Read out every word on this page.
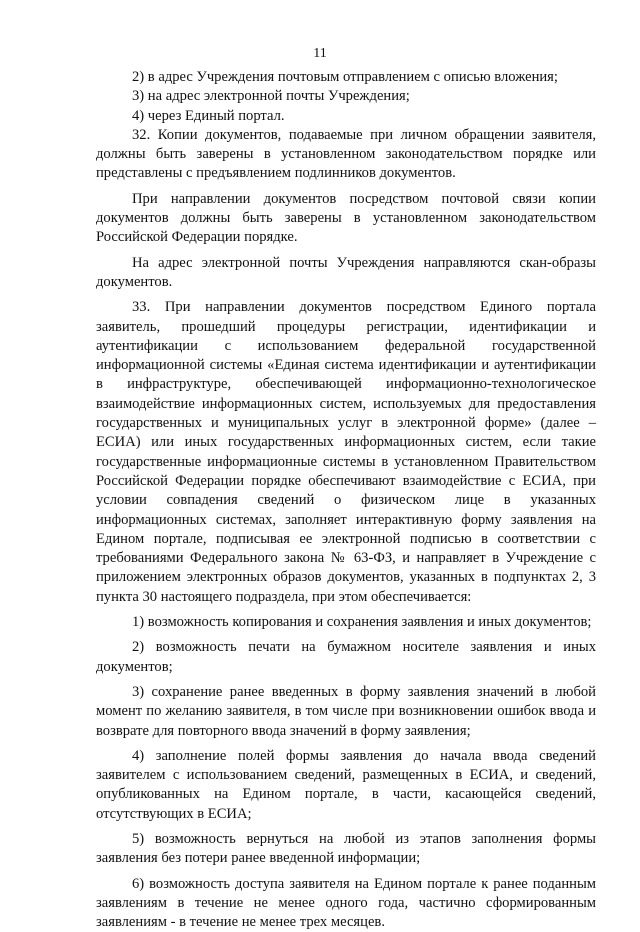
11

2) в адрес Учреждения почтовым отправлением с описью вложения;

3) на адрес электронной почты Учреждения;

4) через Единый портал.

32. Копии документов, подаваемые при личном обращении заявителя, должны быть заверены в установленном законодательством порядке или представлены с предъявлением подлинников документов.

При направлении документов посредством почтовой связи копии документов должны быть заверены в установленном законодательством Российской Федерации порядке.

На адрес электронной почты Учреждения направляются скан-образы документов.

33. При направлении документов посредством Единого портала заявитель, прошедший процедуры регистрации, идентификации и аутентификации с использованием федеральной государственной информационной системы «Единая система идентификации и аутентификации в инфраструктуре, обеспечивающей информационно-технологическое взаимодействие информационных систем, используемых для предоставления государственных и муниципальных услуг в электронной форме» (далее – ЕСИА) или иных государственных информационных систем, если такие государственные информационные системы в установленном Правительством Российской Федерации порядке обеспечивают взаимодействие с ЕСИА, при условии совпадения сведений о физическом лице в указанных информационных системах, заполняет интерактивную форму заявления на Едином портале, подписывая ее электронной подписью в соответствии с требованиями Федерального закона № 63-ФЗ, и направляет в Учреждение с приложением электронных образов документов, указанных в подпунктах 2, 3 пункта 30 настоящего подраздела, при этом обеспечивается:

1) возможность копирования и сохранения заявления и иных документов;

2) возможность печати на бумажном носителе заявления и иных документов;

3) сохранение ранее введенных в форму заявления значений в любой момент по желанию заявителя, в том числе при возникновении ошибок ввода и возврате для повторного ввода значений в форму заявления;

4) заполнение полей формы заявления до начала ввода сведений заявителем с использованием сведений, размещенных в ЕСИА, и сведений, опубликованных на Едином портале, в части, касающейся сведений, отсутствующих в ЕСИА;

5) возможность вернуться на любой из этапов заполнения формы заявления без потери ранее введенной информации;

6) возможность доступа заявителя на Едином портале к ранее поданным заявлениям в течение не менее одного года, частично сформированным заявлениям - в течение не менее трех месяцев.
